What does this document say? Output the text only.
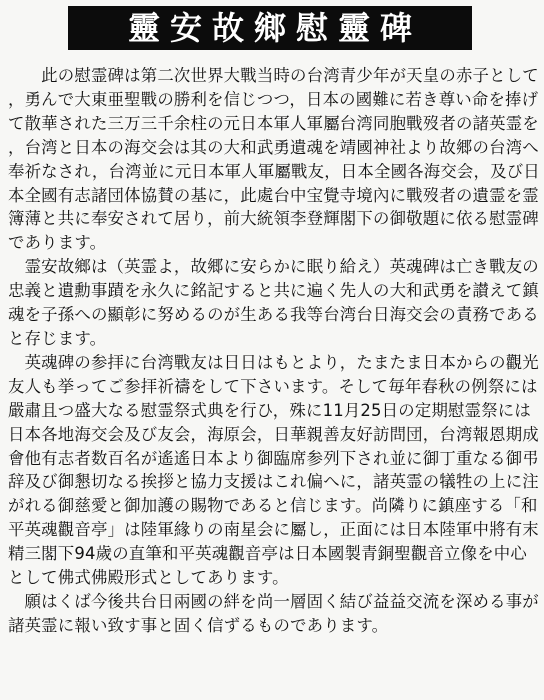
靈安故鄉慰靈碑

　　此の慰霊碑は第二次世界大戰当時の台湾青少年が天皇の赤子として，勇んで大東亜聖戰の勝利を信じつつ，日本の國難に若き尊い命を捧げて散華された三万三千余柱の元日本軍人軍屬台湾同胞戰歿者の諸英霊を，台湾と日本の海交会は其の大和武勇遺魂を靖國神社より故郷の台湾へ奉祈なされ，台湾並に元日本軍人軍屬戰友，日本全國各海交会，及び日本全國有志諸団体協賛の基に，此處台中宝覺寺境內に戰歿者の遺霊を霊簿薄と共に奉安されて居り，前大統領李登輝閣下の御敬題に依る慰霊碑であります。

　霊安故鄉は（英霊よ，故郷に安らかに眠り給え）英魂碑は亡き戰友の忠義と遺勳事蹟を永久に銘記すると共に遍く先人の大和武勇を讃えて鎮魂を子孫への顯彰に努めるのが生ある我等台湾台日海交会の責務であると存じます。

　英魂碑の参拝に台湾戰友は日日はもとより，たまたま日本からの觀光友人も挙ってご参拝祈禱をして下さいます。そして毎年春秋の例祭には嚴肅且つ盛大なる慰霊祭式典を行ひ，殊に11月25日の定期慰霊祭には日本各地海交会及び友会，海原会，日華親善友好訪問団，台湾報恩期成會他有志者数百名が遙遙日本より御臨席参列下され並に御丁重なる御弔辞及び御懇切なる挨拶と協力支援はこれ偏へに，諸英霊の犠牲の上に注がれる御慈愛と御加護の賜物であると信じます。尚隣りに鎮座する「和平英魂觀音亭」は陸軍緣りの南星会に屬し，正面には日本陸軍中將有末精三閣下94歲の直筆和平英魂觀音亭は日本國製青銅聖觀音立像を中心として佛式佛殿形式としてあります。

　願はくば今後共台日兩國の絆を尚一層固く結び益益交流を深める事が諸英霊に報い致す事と固く信ずるものであります。
